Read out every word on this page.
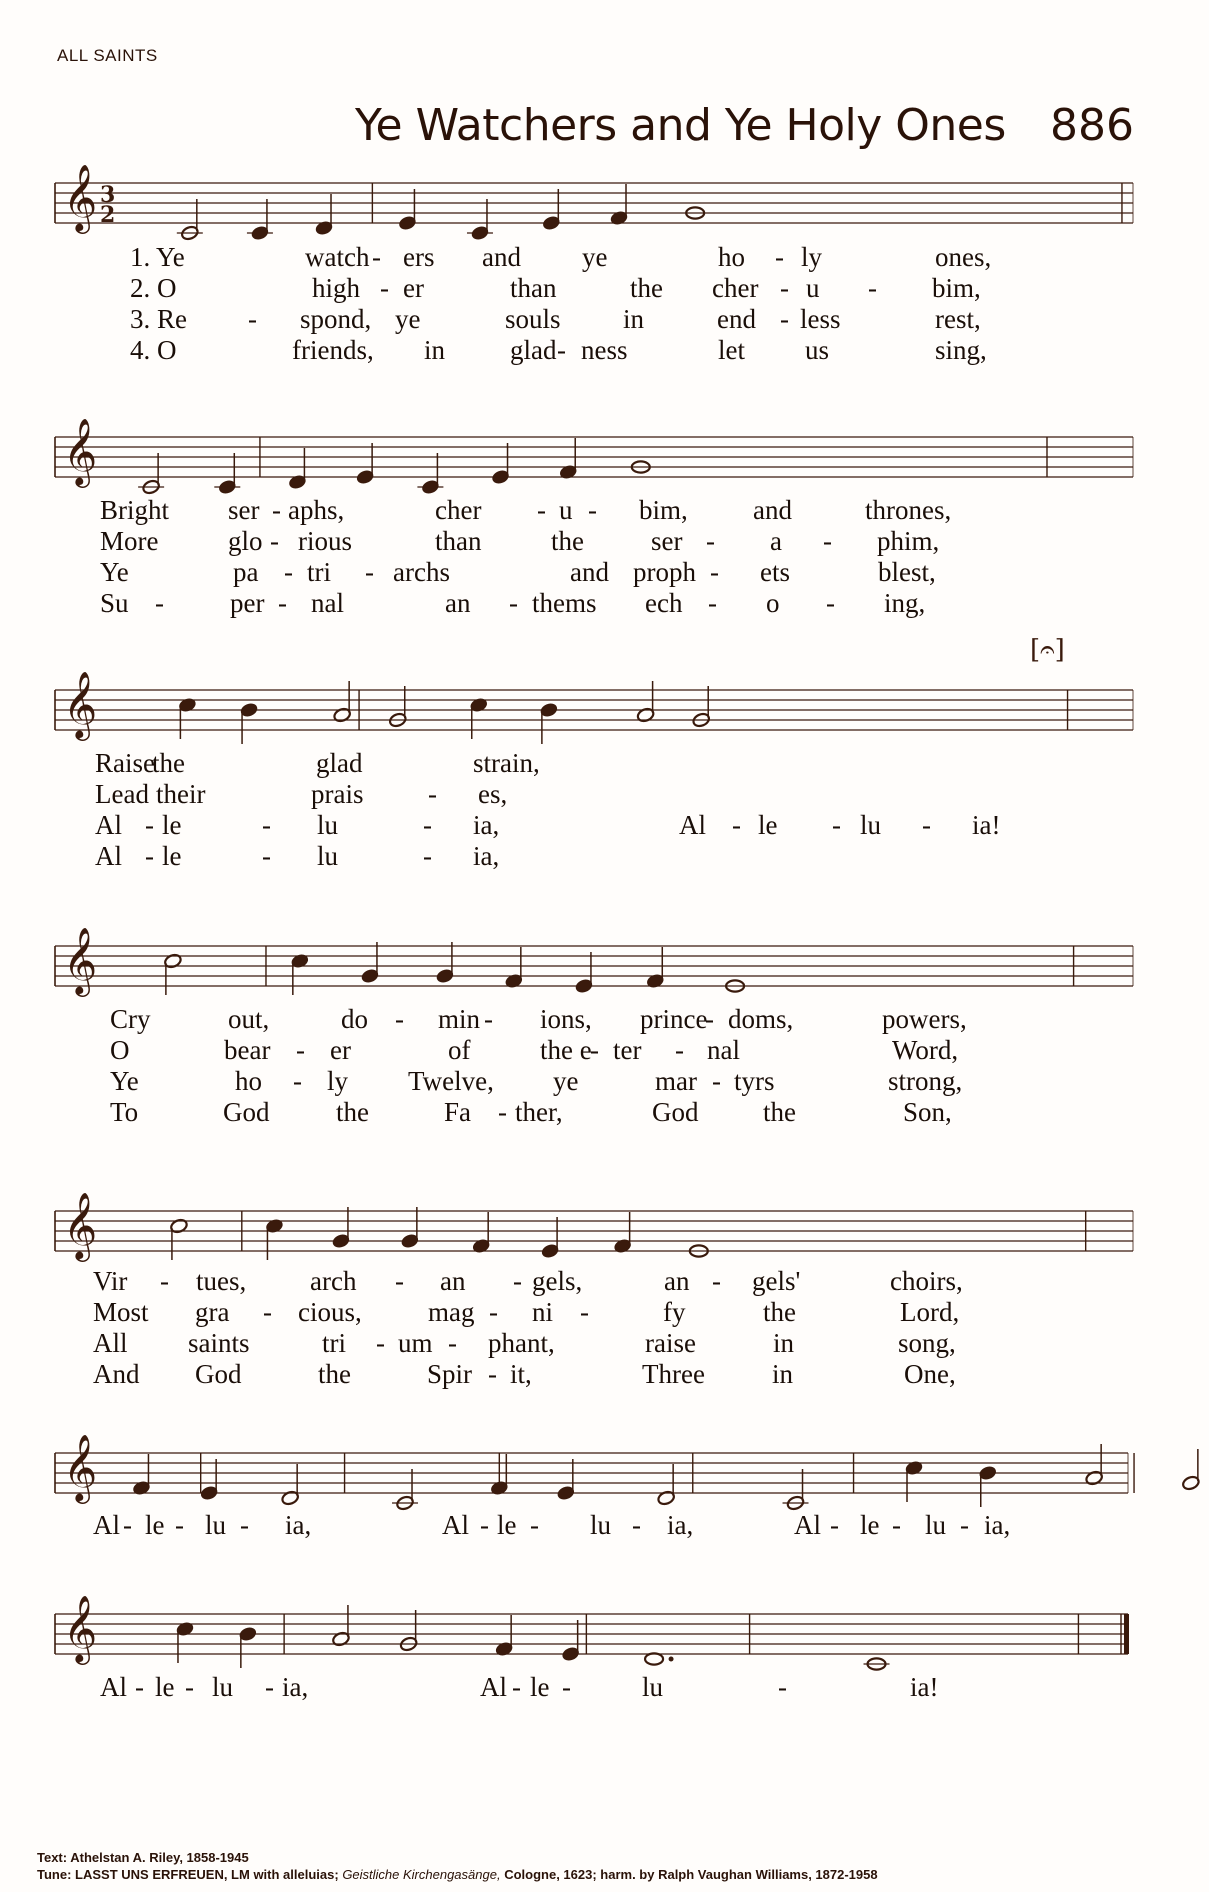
ALL SAINTS
Ye Watchers and Ye Holy Ones 886
𝄞 3
2
𝄞
𝄞
[𝄐]
𝄞
𝄞
𝄞
𝄞
1. Ye	watch - ers and ye	ho - ly	ones,
2. O	high - er	than	the cher - u - bim,
3. Re - spond, ye	souls in	end - less	rest,
4. O	friends, in glad - ness	let us	sing,
Bright ser - aphs,	cher - u - bim, and	thrones,
More	glo - rious	than	the ser - a - phim,
Ye	pa - tri - archs	and proph - ets	blest,
Su - per - nal	an - thems ech - o - ing,
Raise
the	glad	strain,
Lead their	prais - es,
Al - le	- lu	- ia,	Al - le - lu - ia!
Al - le	- lu	- ia,
Cry	out,	do - min - ions, prince
- doms,	powers,
O	bear - er	of	the e
- ter - nal	Word,
Ye	ho - ly Twelve, ye	mar - tyrs	strong,
To	God the	Fa - ther,	God the	Son,
Vir - tues, arch - an - gels,	an - gels'	choirs,
Most gra - cious, mag - ni -	fy	the	Lord,
All saints	tri - um - phant,	raise	in	song,
And God	the	Spir - it,	Three in	One,
Al - le - lu - ia,	Al - le - lu - ia,	Al - le - lu - ia,
Al - le - lu - ia,	Al - le -	lu	-	ia!
Text: Athelstan A. Riley, 1858-1945
Tune: LASST UNS ERFREUEN, LM with alleluias; Geistliche Kirchengasänge, Cologne, 1623; harm. by Ralph Vaughan Williams, 1872-1958
